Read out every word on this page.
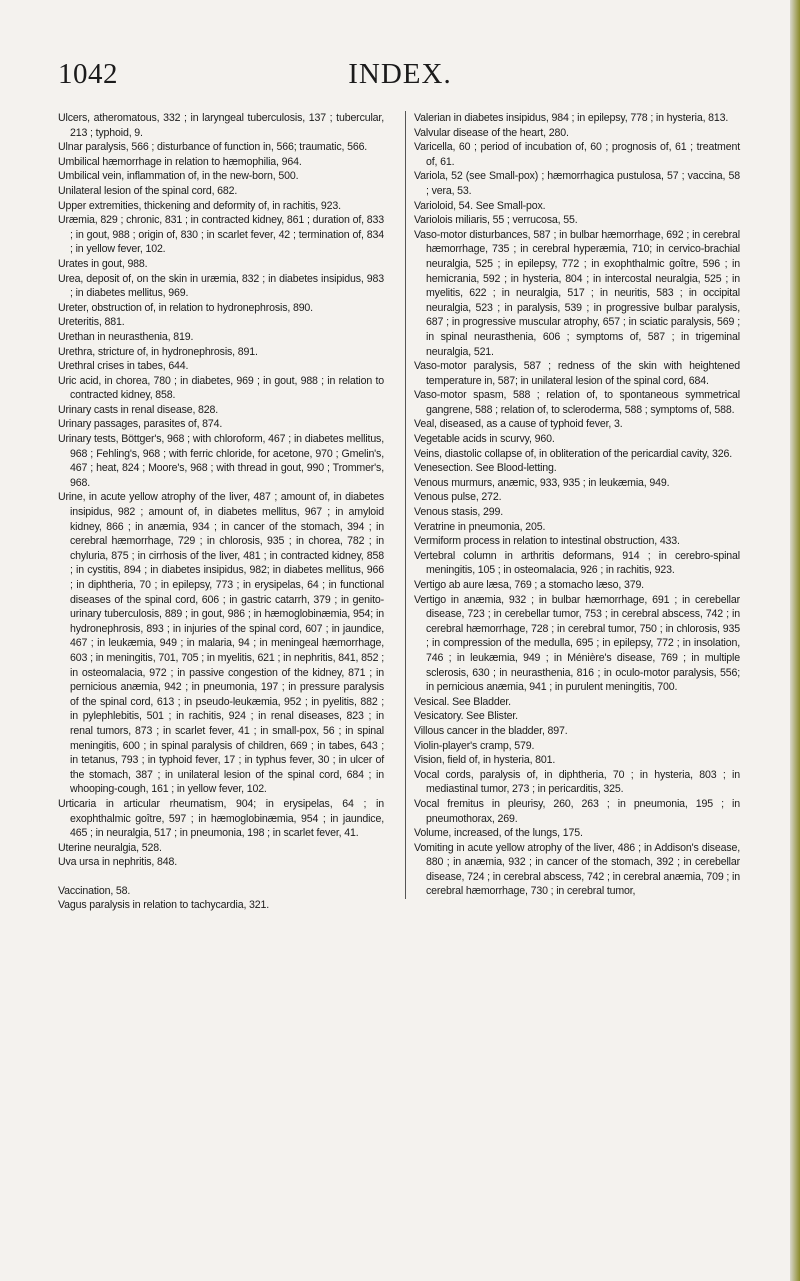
1042	INDEX.

Ulcers, atheromatous, 332 ; in laryngeal tuberculosis, 137 ; tubercular, 213 ; typhoid, 9.

Ulnar paralysis, 566 ; disturbance of function in, 566; traumatic, 566.

Umbilical hæmorrhage in relation to hæmophilia, 964.

Umbilical vein, inflammation of, in the new-born, 500.

Unilateral lesion of the spinal cord, 682.

Upper extremities, thickening and deformity of, in rachitis, 923.

Uræmia, 829 ; chronic, 831 ; in contracted kidney, 861 ; duration of, 833 ; in gout, 988 ; origin of, 830 ; in scarlet fever, 42 ; termination of, 834 ; in yellow fever, 102.

Urates in gout, 988.

Urea, deposit of, on the skin in uræmia, 832 ; in diabetes insipidus, 983 ; in diabetes mellitus, 969.

Ureter, obstruction of, in relation to hydronephrosis, 890.

Ureteritis, 881.

Urethan in neurasthenia, 819.

Urethra, stricture of, in hydronephrosis, 891.

Urethral crises in tabes, 644.

Uric acid, in chorea, 780 ; in diabetes, 969 ; in gout, 988 ; in relation to contracted kidney, 858.

Urinary casts in renal disease, 828.

Urinary passages, parasites of, 874.

Urinary tests, Böttger's, 968 ; with chloroform, 467 ; in diabetes mellitus, 968 ; Fehling's, 968 ; with ferric chloride, for acetone, 970 ; Gmelin's, 467 ; heat, 824 ; Moore's, 968 ; with thread in gout, 990 ; Trommer's, 968.

Urine, in acute yellow atrophy of the liver, 487 ; amount of, in diabetes insipidus, 982 ; amount of, in diabetes mellitus, 967 ; in amyloid kidney, 866 ; in anæmia, 934 ; in cancer of the stomach, 394 ; in cerebral hæmorrhage, 729 ; in chlorosis, 935 ; in chorea, 782 ; in chyluria, 875 ; in cirrhosis of the liver, 481 ; in contracted kidney, 858 ; in cystitis, 894 ; in diabetes insipidus, 982; in diabetes mellitus, 966 ; in diphtheria, 70 ; in epilepsy, 773 ; in erysipelas, 64 ; in functional diseases of the spinal cord, 606 ; in gastric catarrh, 379 ; in genito-urinary tuberculosis, 889 ; in gout, 986 ; in hæmoglobinæmia, 954; in hydronephrosis, 893 ; in injuries of the spinal cord, 607 ; in jaundice, 467 ; in leukæmia, 949 ; in malaria, 94 ; in meningeal hæmorrhage, 603 ; in meningitis, 701, 705 ; in myelitis, 621 ; in nephritis, 841, 852 ; in osteomalacia, 972 ; in passive congestion of the kidney, 871 ; in pernicious anæmia, 942 ; in pneumonia, 197 ; in pressure paralysis of the spinal cord, 613 ; in pseudo-leukæmia, 952 ; in pyelitis, 882 ; in pylephlebitis, 501 ; in rachitis, 924 ; in renal diseases, 823 ; in renal tumors, 873 ; in scarlet fever, 41 ; in small-pox, 56 ; in spinal meningitis, 600 ; in spinal paralysis of children, 669 ; in tabes, 643 ; in tetanus, 793 ; in typhoid fever, 17 ; in typhus fever, 30 ; in ulcer of the stomach, 387 ; in unilateral lesion of the spinal cord, 684 ; in whooping-cough, 161 ; in yellow fever, 102.

Urticaria in articular rheumatism, 904; in erysipelas, 64 ; in exophthalmic goître, 597 ; in hæmoglobinæmia, 954 ; in jaundice, 465 ; in neuralgia, 517 ; in pneumonia, 198 ; in scarlet fever, 41.

Uterine neuralgia, 528.

Uva ursa in nephritis, 848.

Vaccination, 58.

Vagus paralysis in relation to tachycardia, 321.

Valerian in diabetes insipidus, 984 ; in epilepsy, 778 ; in hysteria, 813.

Valvular disease of the heart, 280.

Varicella, 60 ; period of incubation of, 60 ; prognosis of, 61 ; treatment of, 61.

Variola, 52 (see Small-pox) ; hæmorrhagica pustulosa, 57 ; vaccina, 58 ; vera, 53.

Varioloid, 54. See Small-pox.

Variolois miliaris, 55 ; verrucosa, 55.

Vaso-motor disturbances, 587 ; in bulbar hæmorrhage, 692 ; in cerebral hæmorrhage, 735 ; in cerebral hyperæmia, 710; in cervico-brachial neuralgia, 525 ; in epilepsy, 772 ; in exophthalmic goître, 596 ; in hemicrania, 592 ; in hysteria, 804 ; in intercostal neuralgia, 525 ; in myelitis, 622 ; in neuralgia, 517 ; in neuritis, 583 ; in occipital neuralgia, 523 ; in paralysis, 539 ; in progressive bulbar paralysis, 687 ; in progressive muscular atrophy, 657 ; in sciatic paralysis, 569 ; in spinal neurasthenia, 606 ; symptoms of, 587 ; in trigeminal neuralgia, 521.

Vaso-motor paralysis, 587 ; redness of the skin with heightened temperature in, 587; in unilateral lesion of the spinal cord, 684.

Vaso-motor spasm, 588 ; relation of, to spontaneous symmetrical gangrene, 588 ; relation of, to scleroderma, 588 ; symptoms of, 588.

Veal, diseased, as a cause of typhoid fever, 3.

Vegetable acids in scurvy, 960.

Veins, diastolic collapse of, in obliteration of the pericardial cavity, 326.

Venesection. See Blood-letting.

Venous murmurs, anæmic, 933, 935 ; in leukæmia, 949.

Venous pulse, 272.

Venous stasis, 299.

Veratrine in pneumonia, 205.

Vermiform process in relation to intestinal obstruction, 433.

Vertebral column in arthritis deformans, 914 ; in cerebro-spinal meningitis, 105 ; in osteomalacia, 926 ; in rachitis, 923.

Vertigo ab aure læsa, 769 ; a stomacho læso, 379.

Vertigo in anæmia, 932 ; in bulbar hæmorrhage, 691 ; in cerebellar disease, 723 ; in cerebellar tumor, 753 ; in cerebral abscess, 742 ; in cerebral hæmorrhage, 728 ; in cerebral tumor, 750 ; in chlorosis, 935 ; in compression of the medulla, 695 ; in epilepsy, 772 ; in insolation, 746 ; in leukæmia, 949 ; in Ménière's disease, 769 ; in multiple sclerosis, 630 ; in neurasthenia, 816 ; in oculo-motor paralysis, 556; in pernicious anæmia, 941 ; in purulent meningitis, 700.

Vesical. See Bladder.

Vesicatory. See Blister.

Villous cancer in the bladder, 897.

Violin-player's cramp, 579.

Vision, field of, in hysteria, 801.

Vocal cords, paralysis of, in diphtheria, 70 ; in hysteria, 803 ; in mediastinal tumor, 273 ; in pericarditis, 325.

Vocal fremitus in pleurisy, 260, 263 ; in pneumonia, 195 ; in pneumothorax, 269.

Volume, increased, of the lungs, 175.

Vomiting in acute yellow atrophy of the liver, 486 ; in Addison's disease, 880 ; in anæmia, 932 ; in cancer of the stomach, 392 ; in cerebellar disease, 724 ; in cerebral abscess, 742 ; in cerebral anæmia, 709 ; in cerebral hæmorrhage, 730 ; in cerebral tumor,
